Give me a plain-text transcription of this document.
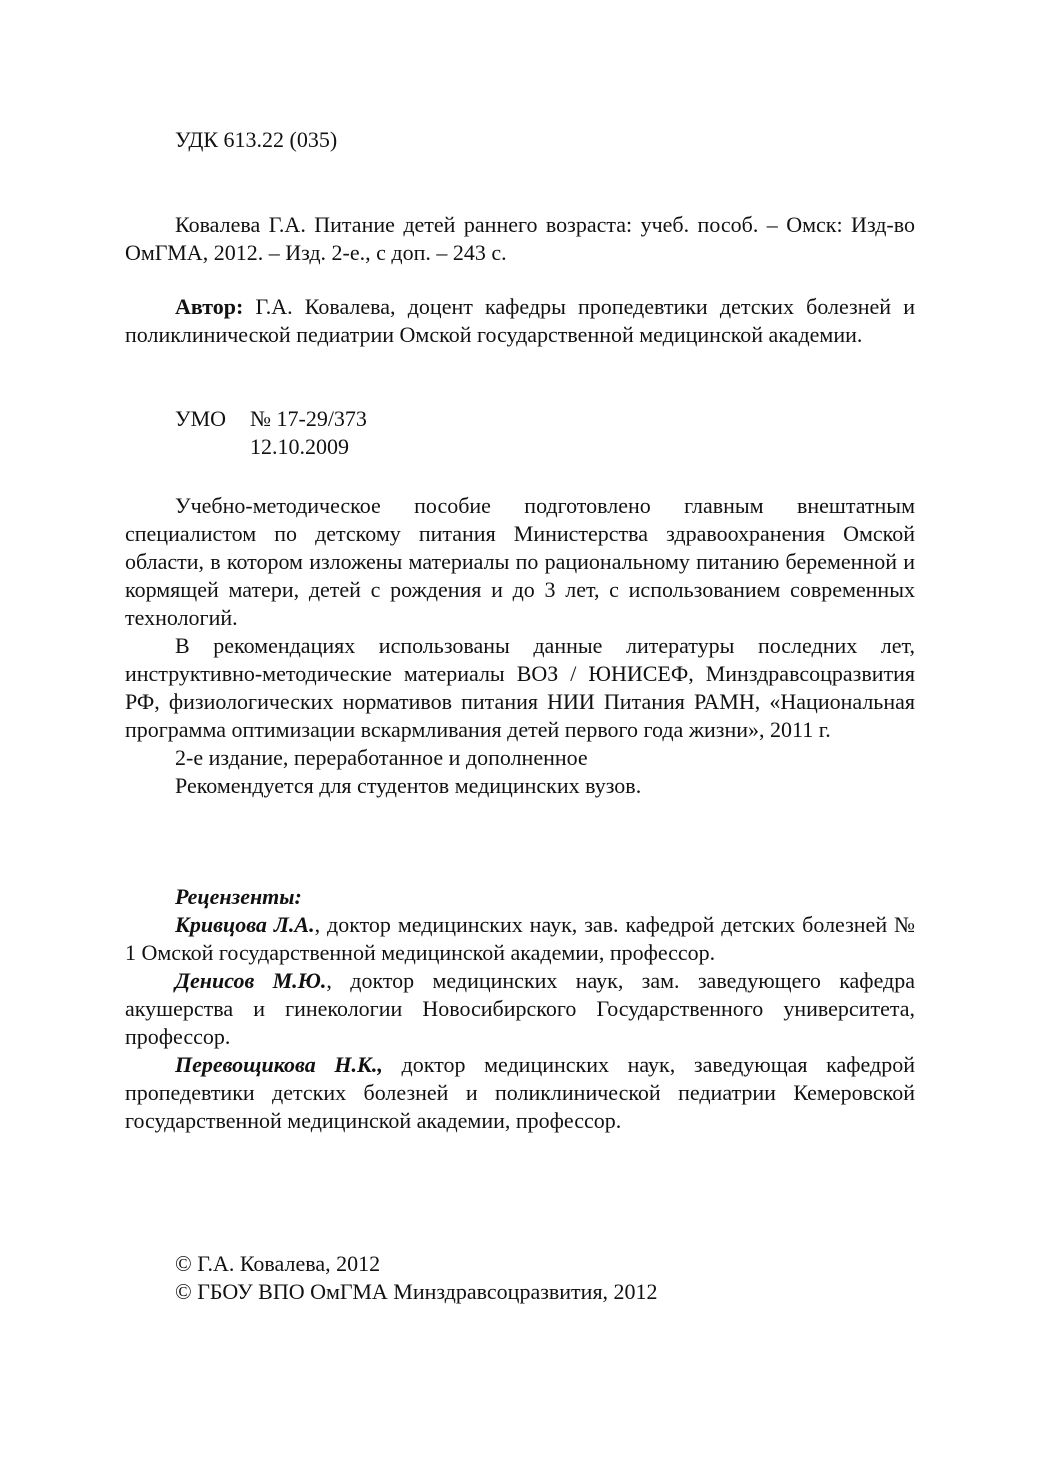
УДК 613.22 (035)

Ковалева Г.А. Питание детей раннего возраста: учеб. пособ. – Омск: Изд-во ОмГМА, 2012. – Изд. 2-е., с доп. – 243 с.

Автор: Г.А. Ковалева, доцент кафедры пропедевтики детских болезней и поликлинической педиатрии Омской государственной медицинской академии.

УМО № 17-29/373
12.10.2009

Учебно-методическое пособие подготовлено главным внештатным специалистом по детскому питания Министерства здравоохранения Омской области, в котором изложены материалы по рациональному питанию беременной и кормящей матери, детей с рождения и до 3 лет, с использованием современных технологий.

В рекомендациях использованы данные литературы последних лет, инструктивно-методические материалы ВОЗ / ЮНИСЕФ, Минздравсоцразвития РФ, физиологических нормативов питания НИИ Питания РАМН, «Национальная программа оптимизации вскармливания детей первого года жизни», 2011 г.

2-е издание, переработанное и дополненное
Рекомендуется для студентов медицинских вузов.
Рецензенты:

Кривцова Л.А., доктор медицинских наук, зав. кафедрой детских болезней № 1 Омской государственной медицинской академии, профессор.

Денисов М.Ю., доктор медицинских наук, зам. заведующего кафедра акушерства и гинекологии Новосибирского Государственного университета, профессор.

Перевощикова Н.К., доктор медицинских наук, заведующая кафедрой пропедевтики детских болезней и поликлинической педиатрии Кемеровской государственной медицинской академии, профессор.

© Г.А. Ковалева, 2012
© ГБОУ ВПО ОмГМА Минздравсоцразвития, 2012
